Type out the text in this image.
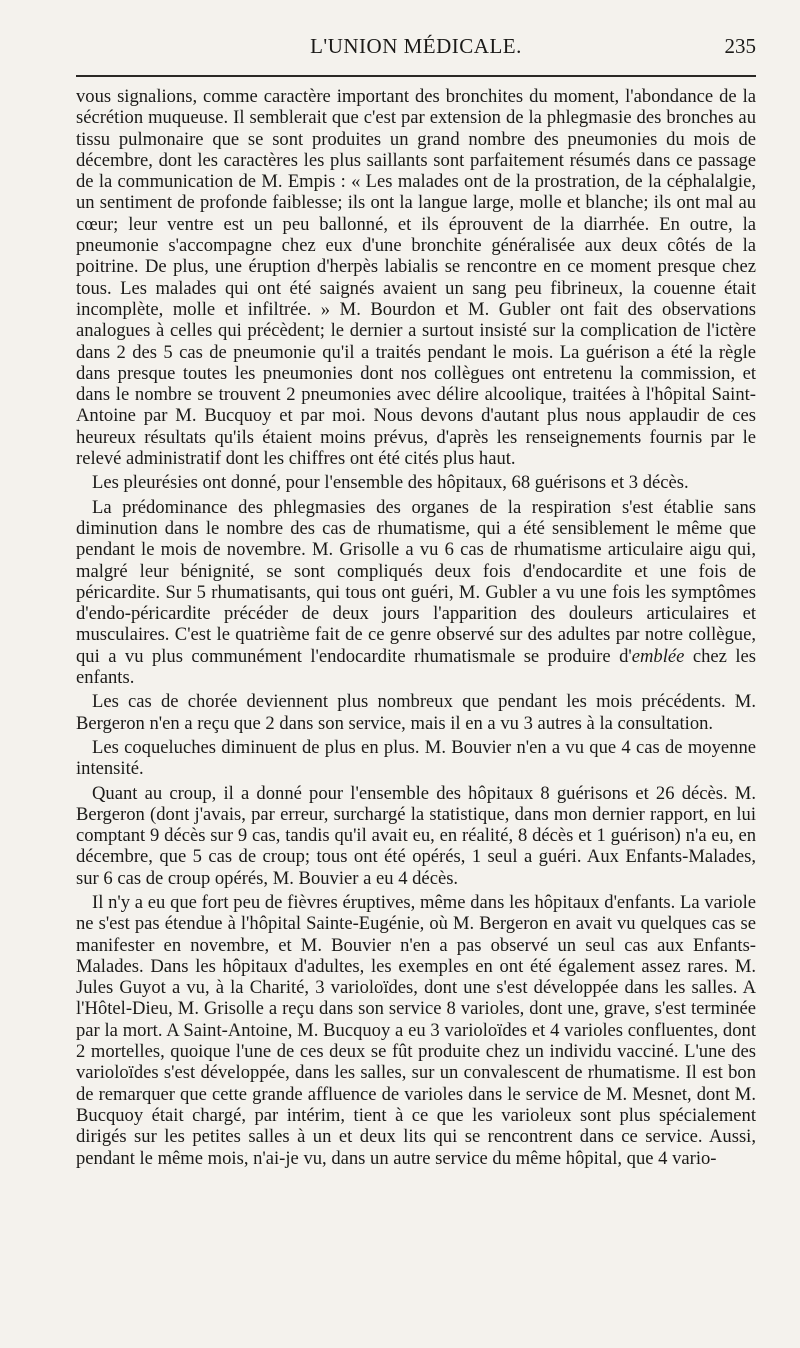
L'UNION MÉDICALE.	235

vous signalions, comme caractère important des bronchites du moment, l'abondance de la sécrétion muqueuse. Il semblerait que c'est par extension de la phlegmasie des bronches au tissu pulmonaire que se sont produites un grand nombre des pneumonies du mois de décembre, dont les caractères les plus saillants sont parfaitement résumés dans ce passage de la communication de M. Empis : « Les malades ont de la prostration, de la céphalalgie, un sentiment de profonde faiblesse; ils ont la langue large, molle et blanche; ils ont mal au cœur; leur ventre est un peu ballonné, et ils éprouvent de la diarrhée. En outre, la pneumonie s'accompagne chez eux d'une bronchite généralisée aux deux côtés de la poitrine. De plus, une éruption d'herpès labialis se rencontre en ce moment presque chez tous. Les malades qui ont été saignés avaient un sang peu fibrineux, la couenne était incomplète, molle et infiltrée. » M. Bourdon et M. Gubler ont fait des observations analogues à celles qui précèdent; le dernier a surtout insisté sur la complication de l'ictère dans 2 des 5 cas de pneumonie qu'il a traités pendant le mois. La guérison a été la règle dans presque toutes les pneumonies dont nos collègues ont entretenu la commission, et dans le nombre se trouvent 2 pneumonies avec délire alcoolique, traitées à l'hôpital Saint-Antoine par M. Bucquoy et par moi. Nous devons d'autant plus nous applaudir de ces heureux résultats qu'ils étaient moins prévus, d'après les renseignements fournis par le relevé administratif dont les chiffres ont été cités plus haut.

Les pleurésies ont donné, pour l'ensemble des hôpitaux, 68 guérisons et 3 décès.

La prédominance des phlegmasies des organes de la respiration s'est établie sans diminution dans le nombre des cas de rhumatisme, qui a été sensiblement le même que pendant le mois de novembre. M. Grisolle a vu 6 cas de rhumatisme articulaire aigu qui, malgré leur bénignité, se sont compliqués deux fois d'endocardite et une fois de péricardite. Sur 5 rhumatisants, qui tous ont guéri, M. Gubler a vu une fois les symptômes d'endo-péricardite précéder de deux jours l'apparition des douleurs articulaires et musculaires. C'est le quatrième fait de ce genre observé sur des adultes par notre collègue, qui a vu plus communément l'endocardite rhumatismale se produire d'emblée chez les enfants.

Les cas de chorée deviennent plus nombreux que pendant les mois précédents. M. Bergeron n'en a reçu que 2 dans son service, mais il en a vu 3 autres à la consultation.

Les coqueluches diminuent de plus en plus. M. Bouvier n'en a vu que 4 cas de moyenne intensité.

Quant au croup, il a donné pour l'ensemble des hôpitaux 8 guérisons et 26 décès. M. Bergeron (dont j'avais, par erreur, surchargé la statistique, dans mon dernier rapport, en lui comptant 9 décès sur 9 cas, tandis qu'il avait eu, en réalité, 8 décès et 1 guérison) n'a eu, en décembre, que 5 cas de croup; tous ont été opérés, 1 seul a guéri. Aux Enfants-Malades, sur 6 cas de croup opérés, M. Bouvier a eu 4 décès.

Il n'y a eu que fort peu de fièvres éruptives, même dans les hôpitaux d'enfants. La variole ne s'est pas étendue à l'hôpital Sainte-Eugénie, où M. Bergeron en avait vu quelques cas se manifester en novembre, et M. Bouvier n'en a pas observé un seul cas aux Enfants-Malades. Dans les hôpitaux d'adultes, les exemples en ont été également assez rares. M. Jules Guyot a vu, à la Charité, 3 varioloïdes, dont une s'est développée dans les salles. A l'Hôtel-Dieu, M. Grisolle a reçu dans son service 8 varioles, dont une, grave, s'est terminée par la mort. A Saint-Antoine, M. Bucquoy a eu 3 varioloïdes et 4 varioles confluentes, dont 2 mortelles, quoique l'une de ces deux se fût produite chez un individu vacciné. L'une des varioloïdes s'est développée, dans les salles, sur un convalescent de rhumatisme. Il est bon de remarquer que cette grande affluence de varioles dans le service de M. Mesnet, dont M. Bucquoy était chargé, par intérim, tient à ce que les varioleux sont plus spécialement dirigés sur les petites salles à un et deux lits qui se rencontrent dans ce service. Aussi, pendant le même mois, n'ai-je vu, dans un autre service du même hôpital, que 4 vario-
